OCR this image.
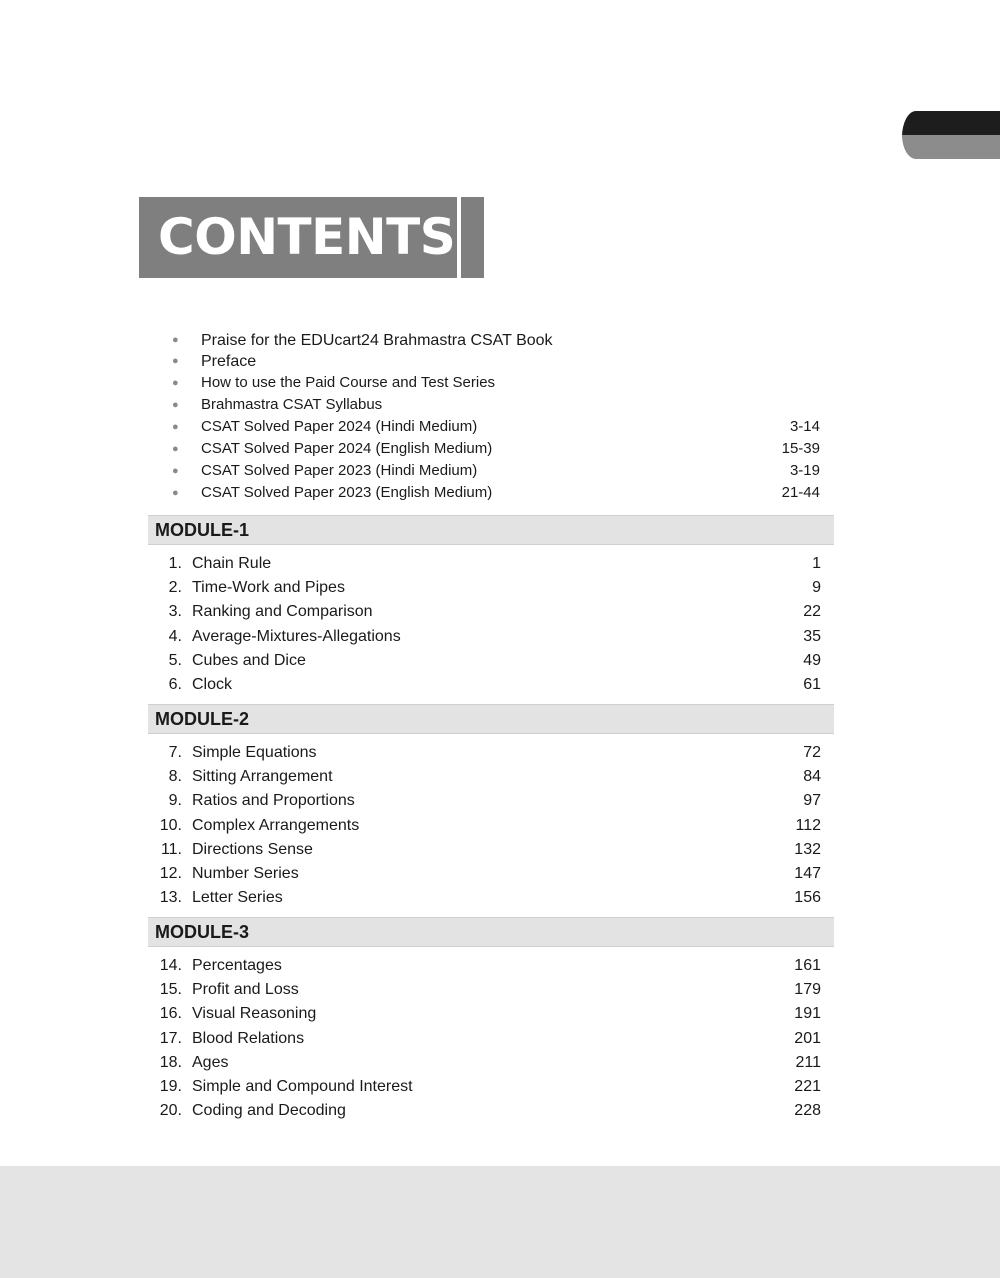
CONTENTS
● Praise for the EDUcart24 Brahmastra CSAT Book
● Preface
● How to use the Paid Course and Test Series
● Brahmastra CSAT Syllabus
● CSAT Solved Paper 2024 (Hindi Medium)	3-14
● CSAT Solved Paper 2024 (English Medium)	15-39
● CSAT Solved Paper 2023 (Hindi Medium)	3-19
● CSAT Solved Paper 2023 (English Medium)	21-44
MODULE-1
1. Chain Rule	1
2. Time-Work and Pipes	9
3. Ranking and Comparison	22
4. Average-Mixtures-Allegations	35
5. Cubes and Dice	49
6. Clock	61
MODULE-2
7. Simple Equations	72
8. Sitting Arrangement	84
9. Ratios and Proportions	97
10. Complex Arrangements	112
11. Directions Sense	132
12. Number Series	147
13. Letter Series	156
MODULE-3
14. Percentages	161
15. Profit and Loss	179
16. Visual Reasoning	191
17. Blood Relations	201
18. Ages	211
19. Simple and Compound Interest	221
20. Coding and Decoding	228
